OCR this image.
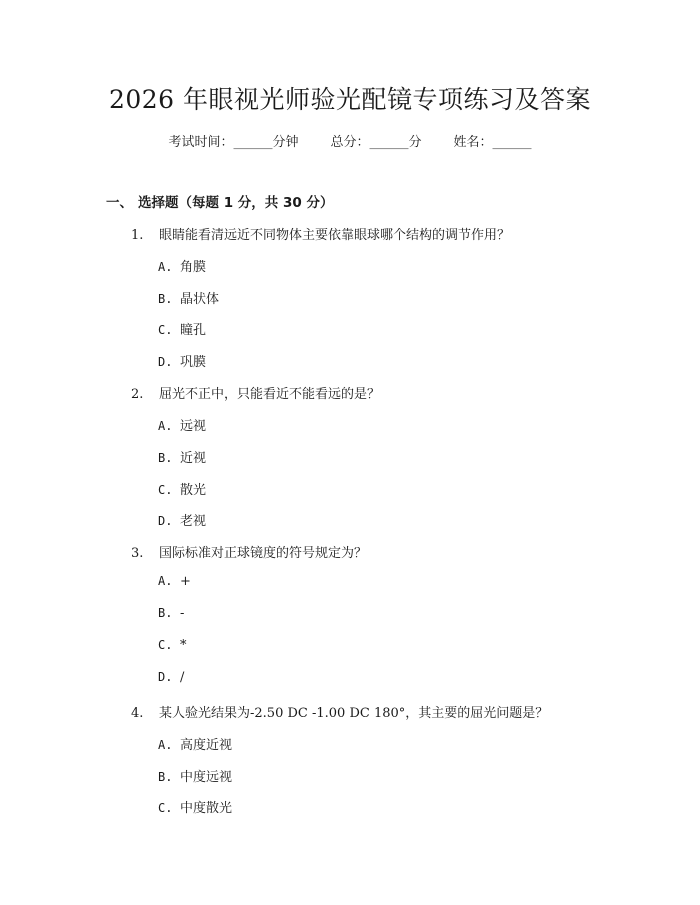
2026 年眼视光师验光配镜专项练习及答案
考试时间：______分钟 总分：______分 姓名：______
一、 选择题（每题 1 分，共 30 分）
1. 眼睛能看清远近不同物体主要依靠眼球哪个结构的调节作用？
A. 角膜
B. 晶状体
C. 瞳孔
D. 巩膜
2. 屈光不正中，只能看近不能看远的是？
A. 远视
B. 近视
C. 散光
D. 老视
3. 国际标准对正球镜度的符号规定为？
A. +
B. -
C. *
D. /
4. 某人验光结果为-2.50 DC -1.00 DC 180°，其主要的屈光问题是？
A. 高度近视
B. 中度远视
C. 中度散光
